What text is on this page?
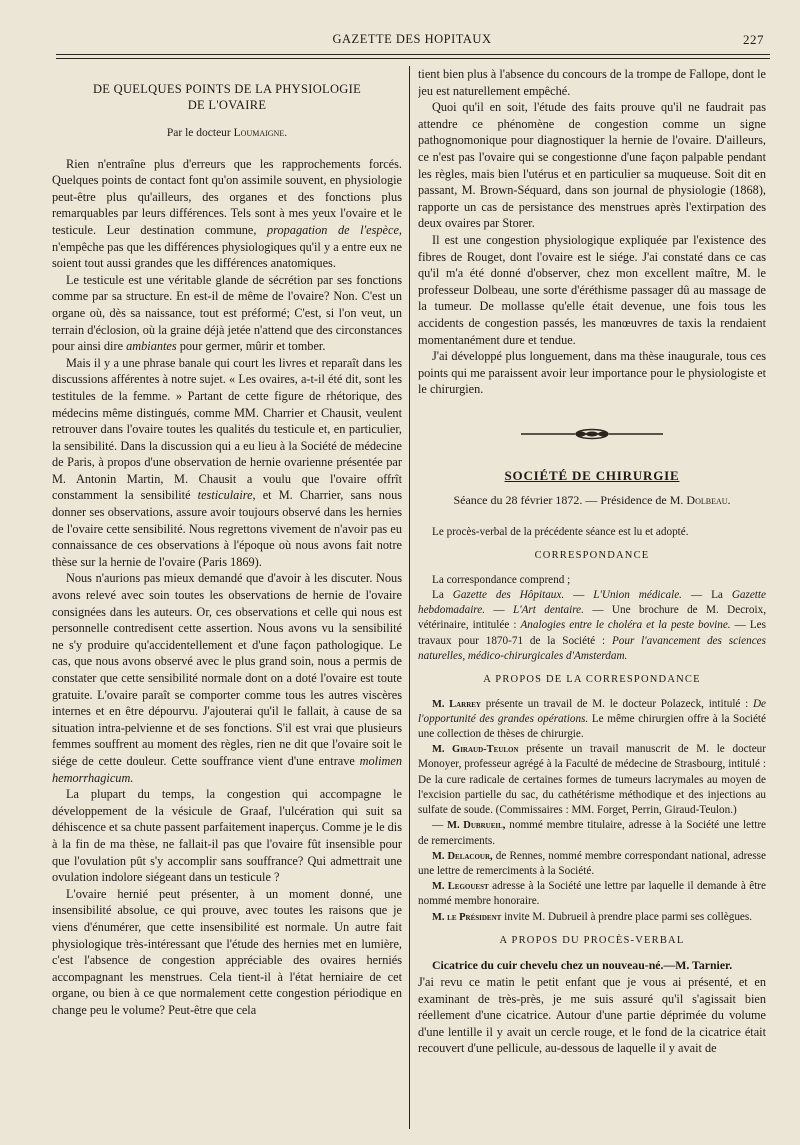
GAZETTE DES HOPITAUX	227
DE QUELQUES POINTS DE LA PHYSIOLOGIE
DE L'OVAIRE
Par le docteur Loumaigne.

Rien n'entraîne plus d'erreurs que les rapprochements forcés. Quelques points de contact font qu'on assimile souvent, en physiologie peut-être plus qu'ailleurs, des organes et des fonctions plus remarquables par leurs différences. Tels sont à mes yeux l'ovaire et le testicule. Leur destination commune, propagation de l'espèce, n'empêche pas que les différences physiologiques qu'il y a entre eux ne soient tout aussi grandes que les différences anatomiques.

Le testicule est une véritable glande de sécrétion par ses fonctions comme par sa structure. En est-il de même de l'ovaire? Non. C'est un organe où, dès sa naissance, tout est préformé; C'est, si l'on veut, un terrain d'éclosion, où la graine déjà jetée n'attend que des circonstances pour ainsi dire ambiantes pour germer, mûrir et tomber.

Mais il y a une phrase banale qui court les livres et reparaît dans les discussions afférentes à notre sujet. « Les ovaires, a-t-il été dit, sont les testitules de la femme. » Partant de cette figure de rhétorique, des médecins même distingués, comme MM. Charrier et Chausit, veulent retrouver dans l'ovaire toutes les qualités du testicule et, en particulier, la sensibilité. Dans la discussion qui a eu lieu à la Société de médecine de Paris, à propos d'une observation de hernie ovarienne présentée par M. Antonin Martin, M. Chausit a voulu que l'ovaire offrît constamment la sensibilité testiculaire, et M. Charrier, sans nous donner ses observations, assure avoir toujours observé dans les hernies de l'ovaire cette sensibilité. Nous regrettons vivement de n'avoir pas eu connaissance de ces observations à l'époque où nous avons fait notre thèse sur la hernie de l'ovaire (Paris 1869).

Nous n'aurions pas mieux demandé que d'avoir à les discuter. Nous avons relevé avec soin toutes les observations de hernie de l'ovaire consignées dans les auteurs. Or, ces observations et celle qui nous est personnelle contredisent cette assertion. Nous avons vu la sensibilité ne s'y produire qu'accidentellement et d'une façon pathologique. Le cas, que nous avons observé avec le plus grand soin, nous a permis de constater que cette sensibilité normale dont on a doté l'ovaire est toute gratuite. L'ovaire paraît se comporter comme tous les autres viscères internes et en être dépourvu. J'ajouterai qu'il le fallait, à cause de sa situation intra-pelvienne et de ses fonctions. S'il est vrai que plusieurs femmes souffrent au moment des règles, rien ne dit que l'ovaire soit le siége de cette douleur. Cette souffrance vient d'une entrave molimen hemorrhagicum.

La plupart du temps, la congestion qui accompagne le développement de la vésicule de Graaf, l'ulcération qui suit sa déhiscence et sa chute passent parfaitement inaperçus. Comme je le dis à la fin de ma thèse, ne fallait-il pas que l'ovaire fût insensible pour que l'ovulation pût s'y accomplir sans souffrance? Qui admettrait une ovulation indolore siégeant dans un testicule ?

L'ovaire hernié peut présenter, à un moment donné, une insensibilité absolue, ce qui prouve, avec toutes les raisons que je viens d'énumérer, que cette insensibilité est normale. Un autre fait physiologique très-intéressant que l'étude des hernies met en lumière, c'est l'absence de congestion appréciable des ovaires herniés accompagnant les menstrues. Cela tient-il à l'état herniaire de cet organe, ou bien à ce que normalement cette congestion périodique en change peu le volume? Peut-être que cela

tient bien plus à l'absence du concours de la trompe de Fallope, dont le jeu est naturellement empêché.

Quoi qu'il en soit, l'étude des faits prouve qu'il ne faudrait pas attendre ce phénomène de congestion comme un signe pathognomonique pour diagnostiquer la hernie de l'ovaire. D'ailleurs, ce n'est pas l'ovaire qui se congestionne d'une façon palpable pendant les règles, mais bien l'utérus et en particulier sa muqueuse. Soit dit en passant, M. Brown-Séquard, dans son journal de physiologie (1868), rapporte un cas de persistance des menstrues après l'extirpation des deux ovaires par Storer.

Il est une congestion physiologique expliquée par l'existence des fibres de Rouget, dont l'ovaire est le siége. J'ai constaté dans ce cas qu'il m'a été donné d'observer, chez mon excellent maître, M. le professeur Dolbeau, une sorte d'éréthisme passager dû au massage de la tumeur. De mollasse qu'elle était devenue, une fois tous les accidents de congestion passés, les manœuvres de taxis la rendaient momentanément dure et tendue.

J'ai développé plus longuement, dans ma thèse inaugurale, tous ces points qui me paraissent avoir leur importance pour le physiologiste et le chirurgien.

SOCIÉTÉ DE CHIRURGIE
Séance du 28 février 1872. — Présidence de M. Dolbeau.

Le procès-verbal de la précédente séance est lu et adopté.

CORRESPONDANCE

La correspondance comprend ;

La Gazette des Hôpitaux. — L'Union médicale. — La Gazette hebdomadaire. — L'Art dentaire. — Une brochure de M. Decroix, vétérinaire, intitulée : Analogies entre le choléra et la peste bovine. — Les travaux pour 1870-71 de la Société : Pour l'avancement des sciences naturelles, médico-chirurgicales d'Amsterdam.

A PROPOS DE LA CORRESPONDANCE

M. Larrey présente un travail de M. le docteur Polazeck, intitulé : De l'opportunité des grandes opérations. Le même chirurgien offre à la Société une collection de thèses de chirurgie.

M. Giraud-Teulon présente un travail manuscrit de M. le docteur Monoyer, professeur agrégé à la Faculté de médecine de Strasbourg, intitulé : De la cure radicale de certaines formes de tumeurs lacrymales au moyen de l'excision partielle du sac, du cathétérisme méthodique et des injections au sulfate de soude. (Commissaires : MM. Forget, Perrin, Giraud-Teulon.)

— M. Dubrueil, nommé membre titulaire, adresse à la Société une lettre de remerciments.

M. Delacour, de Rennes, nommé membre correspondant national, adresse une lettre de remerciments à la Société.

M. Legouest adresse à la Société une lettre par laquelle il demande à être nommé membre honoraire.

M. le Président invite M. Dubrueil à prendre place parmi ses collègues.

A PROPOS DU PROCÈS-VERBAL

Cicatrice du cuir chevelu chez un nouveau-né.—M. Tarnier.

J'ai revu ce matin le petit enfant que je vous ai présenté, et en examinant de très-près, je me suis assuré qu'il s'agissait bien réellement d'une cicatrice. Autour d'une partie déprimée du volume d'une lentille il y avait un cercle rouge, et le fond de la cicatrice était recouvert d'une pellicule, au-dessous de laquelle il y avait de
